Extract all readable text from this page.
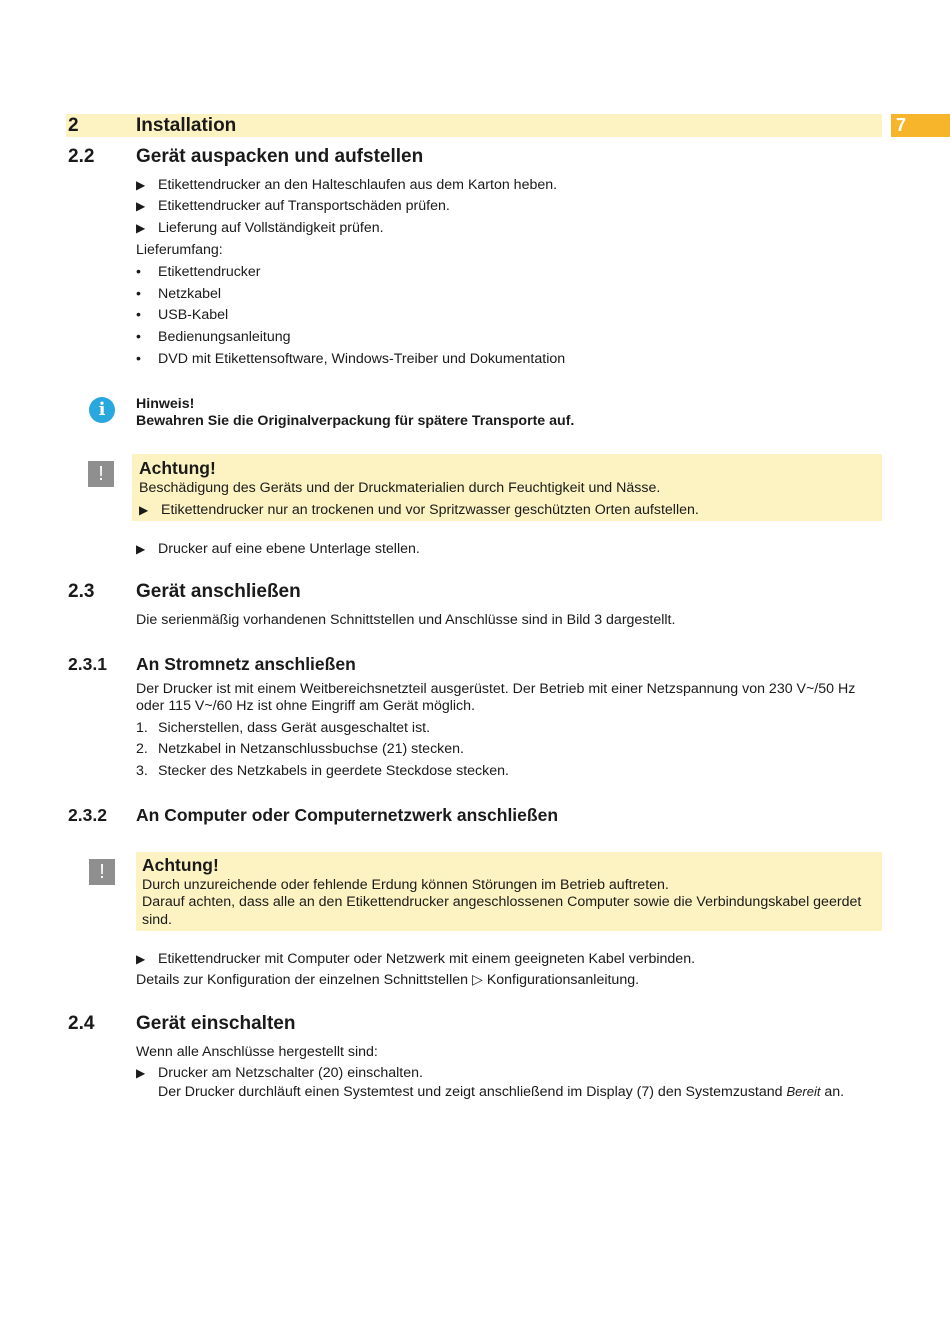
2	Installation	7
2.2 Gerät auspacken und aufstellen
▶ Etikettendrucker an den Halteschlaufen aus dem Karton heben.
▶ Etikettendrucker auf Transportschäden prüfen.
▶ Lieferung auf Vollständigkeit prüfen.
Lieferumfang:
• Etikettendrucker
• Netzkabel
• USB-Kabel
• Bedienungsanleitung
• DVD mit Etikettensoftware, Windows-Treiber und Dokumentation
i	Hinweis!
Bewahren Sie die Originalverpackung für spätere Transporte auf.
!	Achtung!
Beschädigung des Geräts und der Druckmaterialien durch Feuchtigkeit und Nässe.
▶ Etikettendrucker nur an trockenen und vor Spritzwasser geschützten Orten aufstellen.
▶ Drucker auf eine ebene Unterlage stellen.
2.3 Gerät anschließen
Die serienmäßig vorhandenen Schnittstellen und Anschlüsse sind in Bild 3 dargestellt.
2.3.1 An Stromnetz anschließen
Der Drucker ist mit einem Weitbereichsnetzteil ausgerüstet. Der Betrieb mit einer Netzspannung von 230 V~/50 Hz
oder 115 V~/60 Hz ist ohne Eingriff am Gerät möglich.
1. Sicherstellen, dass Gerät ausgeschaltet ist.
2. Netzkabel in Netzanschlussbuchse (21) stecken.
3. Stecker des Netzkabels in geerdete Steckdose stecken.
2.3.2 An Computer oder Computernetzwerk anschließen
!	Achtung!
Durch unzureichende oder fehlende Erdung können Störungen im Betrieb auftreten.
Darauf achten, dass alle an den Etikettendrucker angeschlossenen Computer sowie die Verbindungskabel geerdet
sind.
▶ Etikettendrucker mit Computer oder Netzwerk mit einem geeigneten Kabel verbinden.
Details zur Konfiguration der einzelnen Schnittstellen ▷ Konfigurationsanleitung.
2.4 Gerät einschalten
Wenn alle Anschlüsse hergestellt sind:
▶ Drucker am Netzschalter (20) einschalten.
Der Drucker durchläuft einen Systemtest und zeigt anschließend im Display (7) den Systemzustand Bereit an.
